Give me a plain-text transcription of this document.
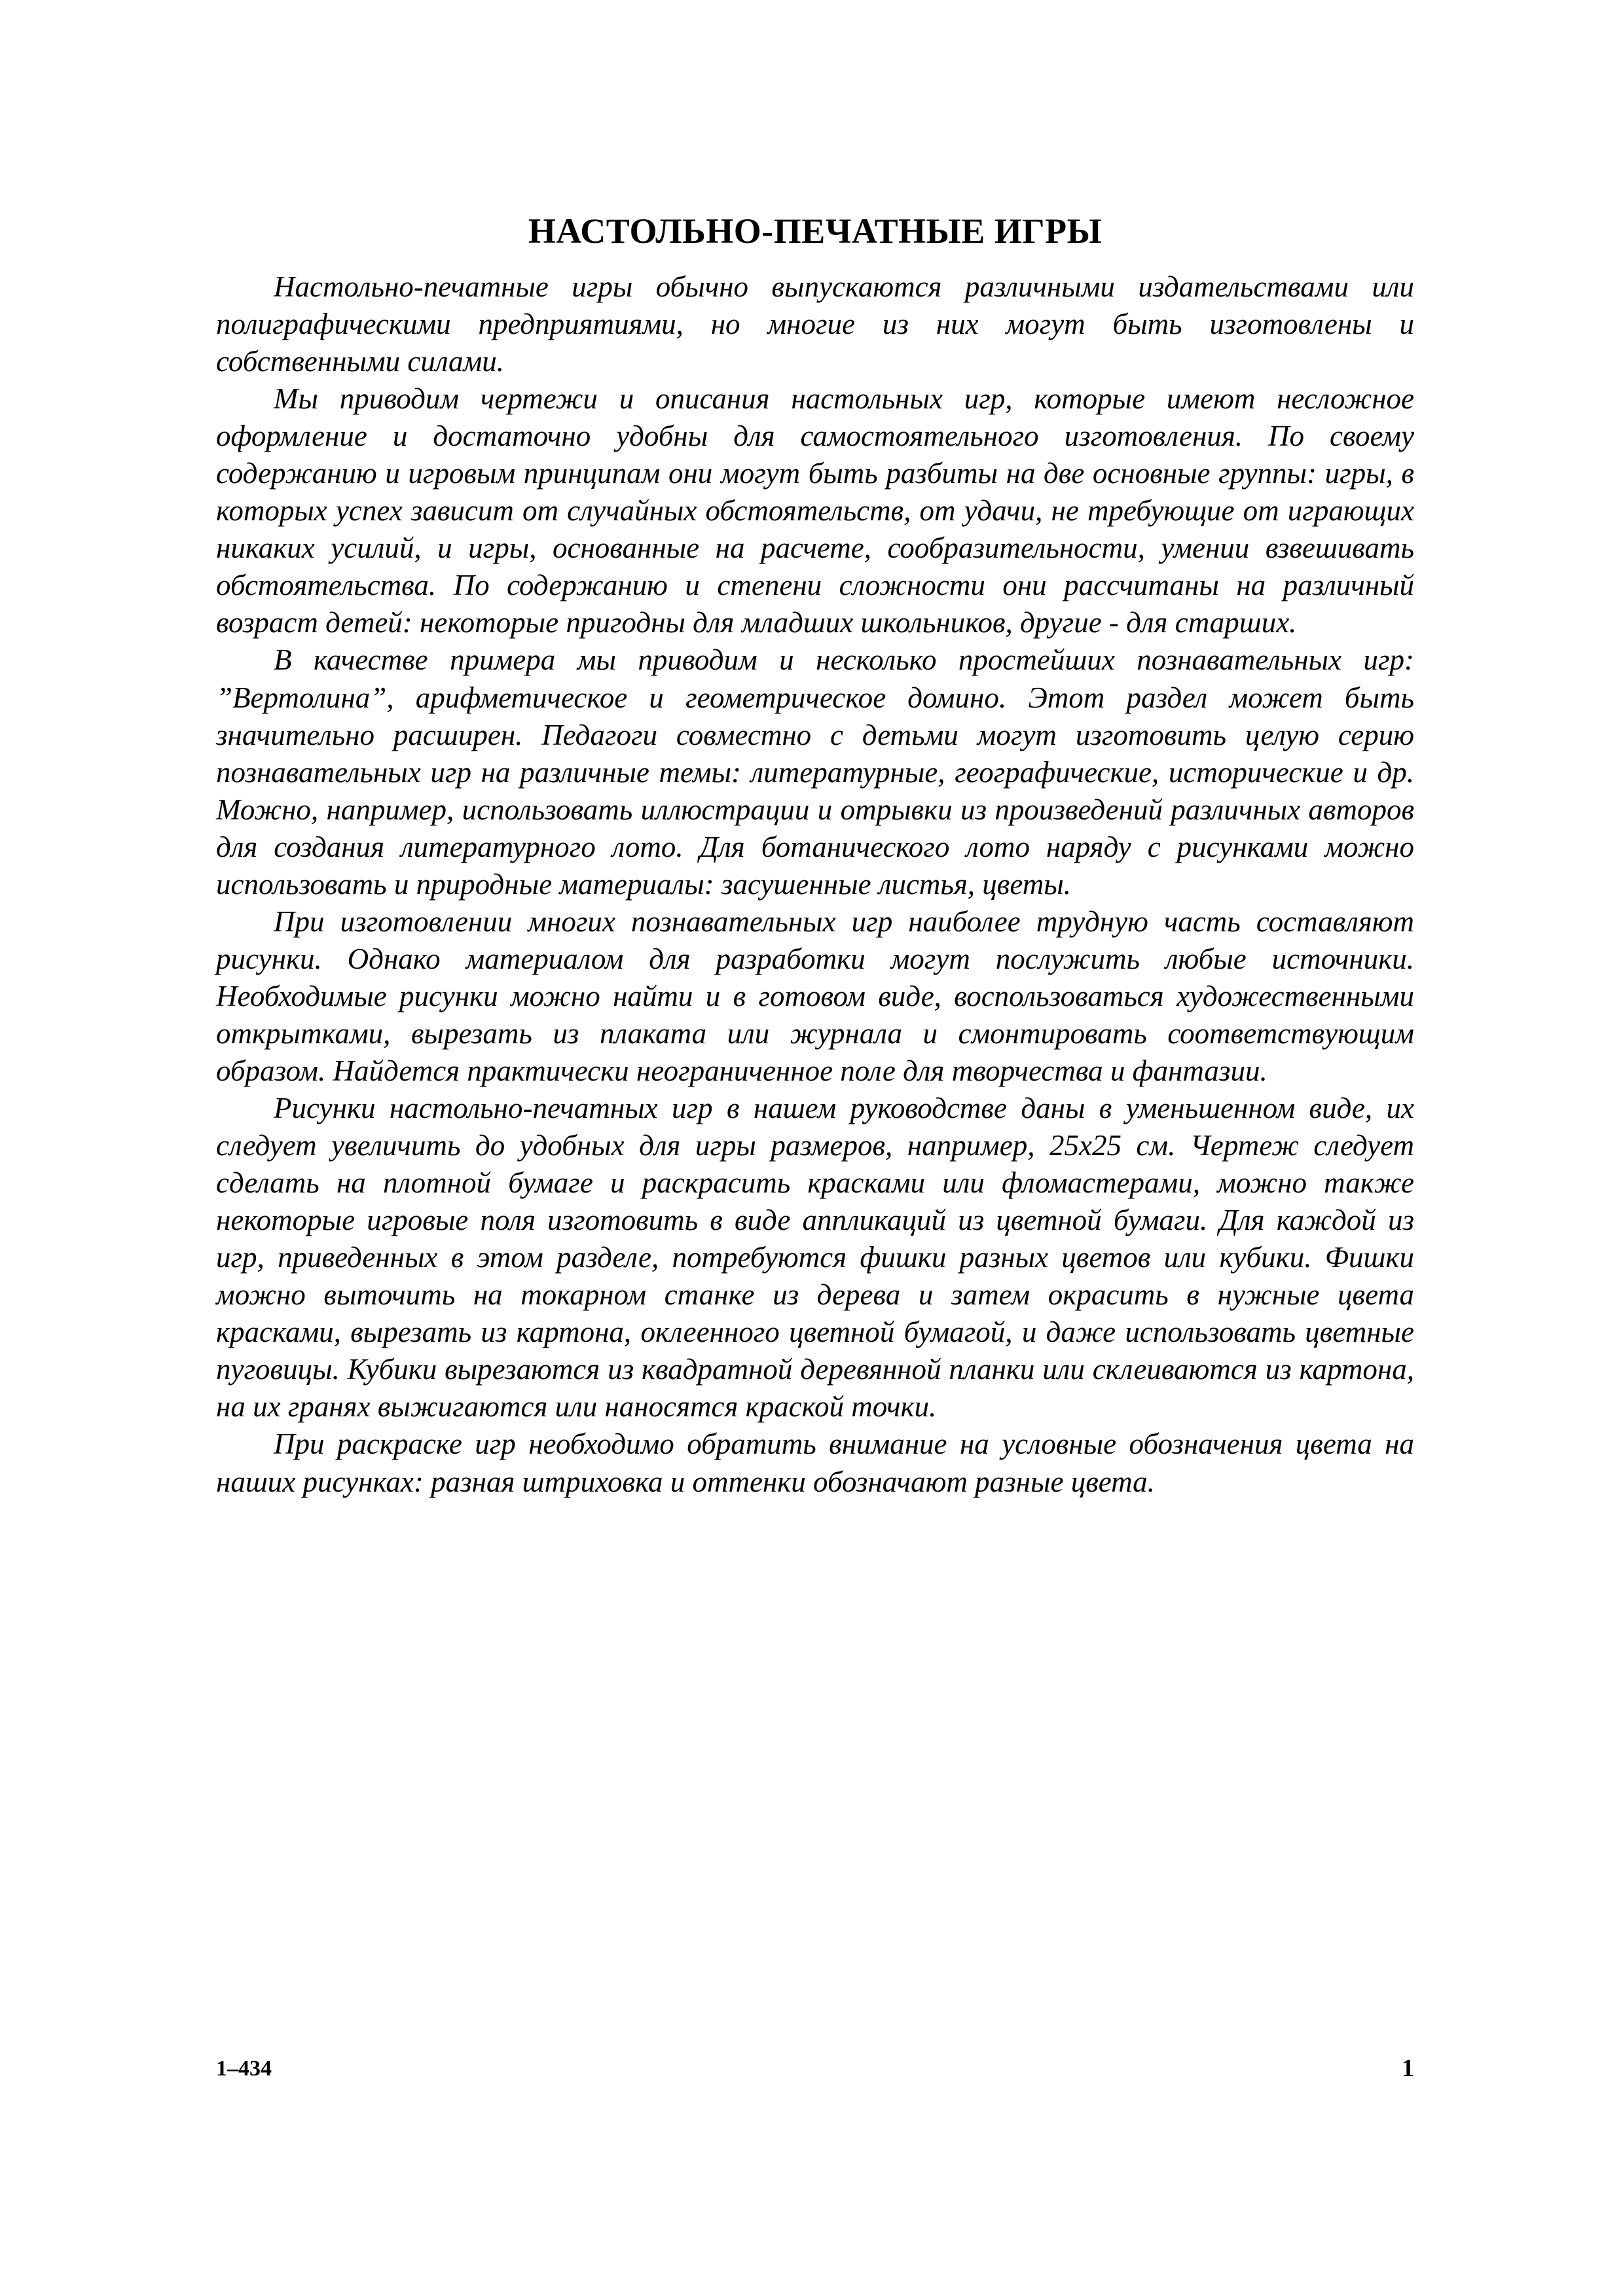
НАСТОЛЬНО-ПЕЧАТНЫЕ ИГРЫ

Настольно-печатные игры обычно выпускаются различными издательствами или полиграфическими предприятиями, но многие из них могут быть изготовлены и собственными силами.

Мы приводим чертежи и описания настольных игр, которые имеют несложное оформление и достаточно удобны для самостоятельного изготовления. По своему содержанию и игровым принципам они могут быть разбиты на две основные группы: игры, в которых успех зависит от случайных обстоятельств, от удачи, не требующие от играющих никаких усилий, и игры, основанные на расчете, сообразительности, умении взвешивать обстоятельства. По содержанию и степени сложности они рассчитаны на различный возраст детей: некоторые пригодны для младших школьников, другие - для старших.

В качестве примера мы приводим и несколько простейших познавательных игр: ”Вертолина”, арифметическое и геометрическое домино. Этот раздел может быть значительно расширен. Педагоги совместно с детьми могут изготовить целую серию познавательных игр на различные темы: литературные, географические, исторические и др. Можно, например, использовать иллюстрации и отрывки из произведений различных авторов для создания литературного лото. Для ботанического лото наряду с рисунками можно использовать и природные материалы: засушенные листья, цветы.

При изготовлении многих познавательных игр наиболее трудную часть составляют рисунки. Однако материалом для разработки могут послужить любые источники. Необходимые рисунки можно найти и в готовом виде, воспользоваться художественными открытками, вырезать из плаката или журнала и смонтировать соответствующим образом. Найдется практически неограниченное поле для творчества и фантазии.

Рисунки настольно-печатных игр в нашем руководстве даны в уменьшенном виде, их следует увеличить до удобных для игры размеров, например, 25х25 см. Чертеж следует сделать на плотной бумаге и раскрасить красками или фломастерами, можно также некоторые игровые поля изготовить в виде аппликаций из цветной бумаги. Для каждой из игр, приведенных в этом разделе, потребуются фишки разных цветов или кубики. Фишки можно выточить на токарном станке из дерева и затем окрасить в нужные цвета красками, вырезать из картона, оклеенного цветной бумагой, и даже использовать цветные пуговицы. Кубики вырезаются из квадратной деревянной планки или склеиваются из картона, на их гранях выжигаются или наносятся краской точки.

При раскраске игр необходимо обратить внимание на условные обозначения цвета на наших рисунках: разная штриховка и оттенки обозначают разные цвета.

1–434	1
